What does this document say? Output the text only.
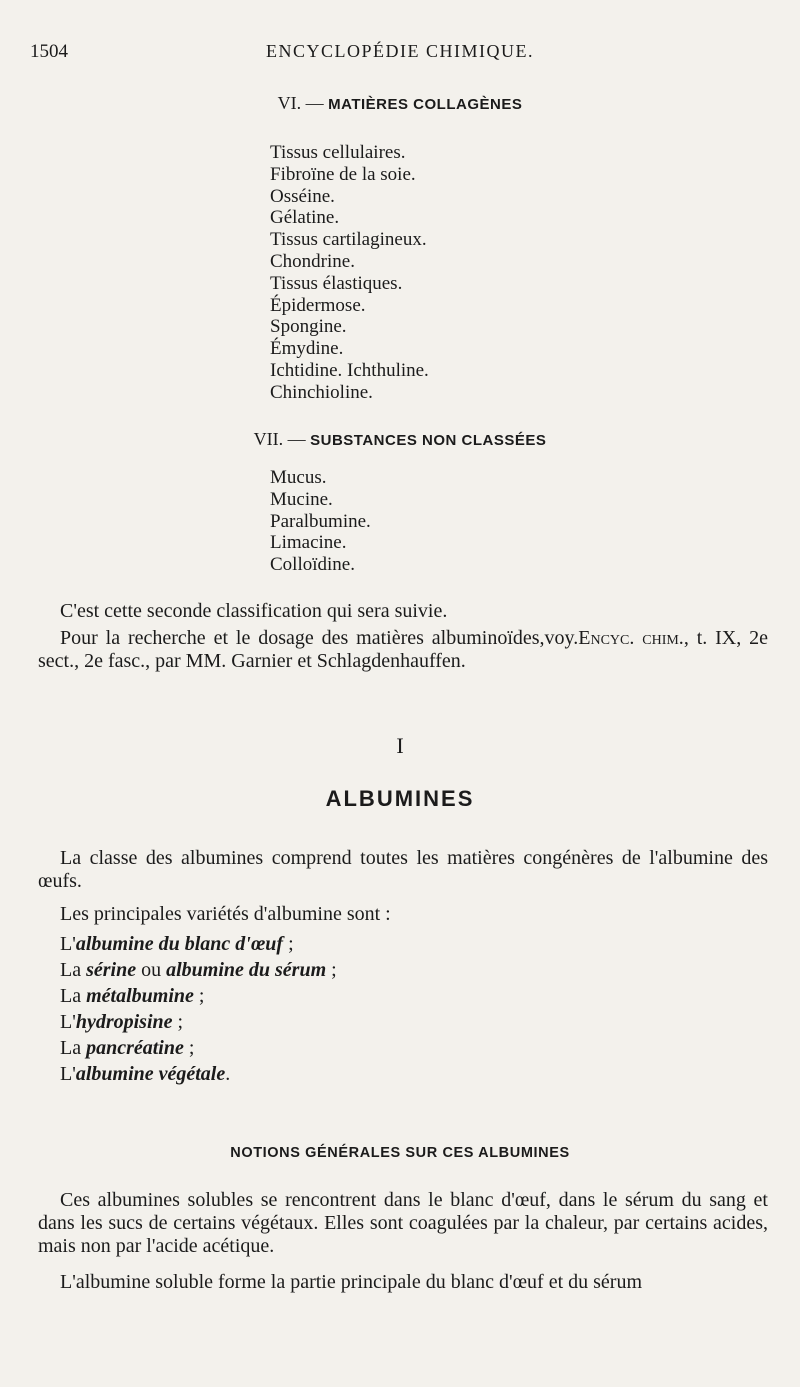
1504	ENCYCLOPÉDIE CHIMIQUE.
VI. — MATIÈRES COLLAGÈNES
Tissus cellulaires.
Fibroïne de la soie.
Osséine.
Gélatine.
Tissus cartilagineux.
Chondrine.
Tissus élastiques.
Épidermose.
Spongine.
Émydine.
Ichtidine. Ichthuline.
Chinchioline.
VII. — SUBSTANCES NON CLASSÉES
Mucus.
Mucine.
Paralbumine.
Limacine.
Colloïdine.

C'est cette seconde classification qui sera suivie.

Pour la recherche et le dosage des matières albuminoïdes,voy.Encyc. chim., t. IX, 2e sect., 2e fasc., par MM. Garnier et Schlagdenhauffen.

I
ALBUMINES

La classe des albumines comprend toutes les matières congénères de l'albumine des œufs.

Les principales variétés d'albumine sont :
L'albumine du blanc d'œuf ;
La sérine ou albumine du sérum ;
La métalbumine ;
L'hydropisine ;
La pancréatine ;
L'albumine végétale.
NOTIONS GÉNÉRALES SUR CES ALBUMINES

Ces albumines solubles se rencontrent dans le blanc d'œuf, dans le sérum du sang et dans les sucs de certains végétaux. Elles sont coagulées par la chaleur, par certains acides, mais non par l'acide acétique.

L'albumine soluble forme la partie principale du blanc d'œuf et du sérum
